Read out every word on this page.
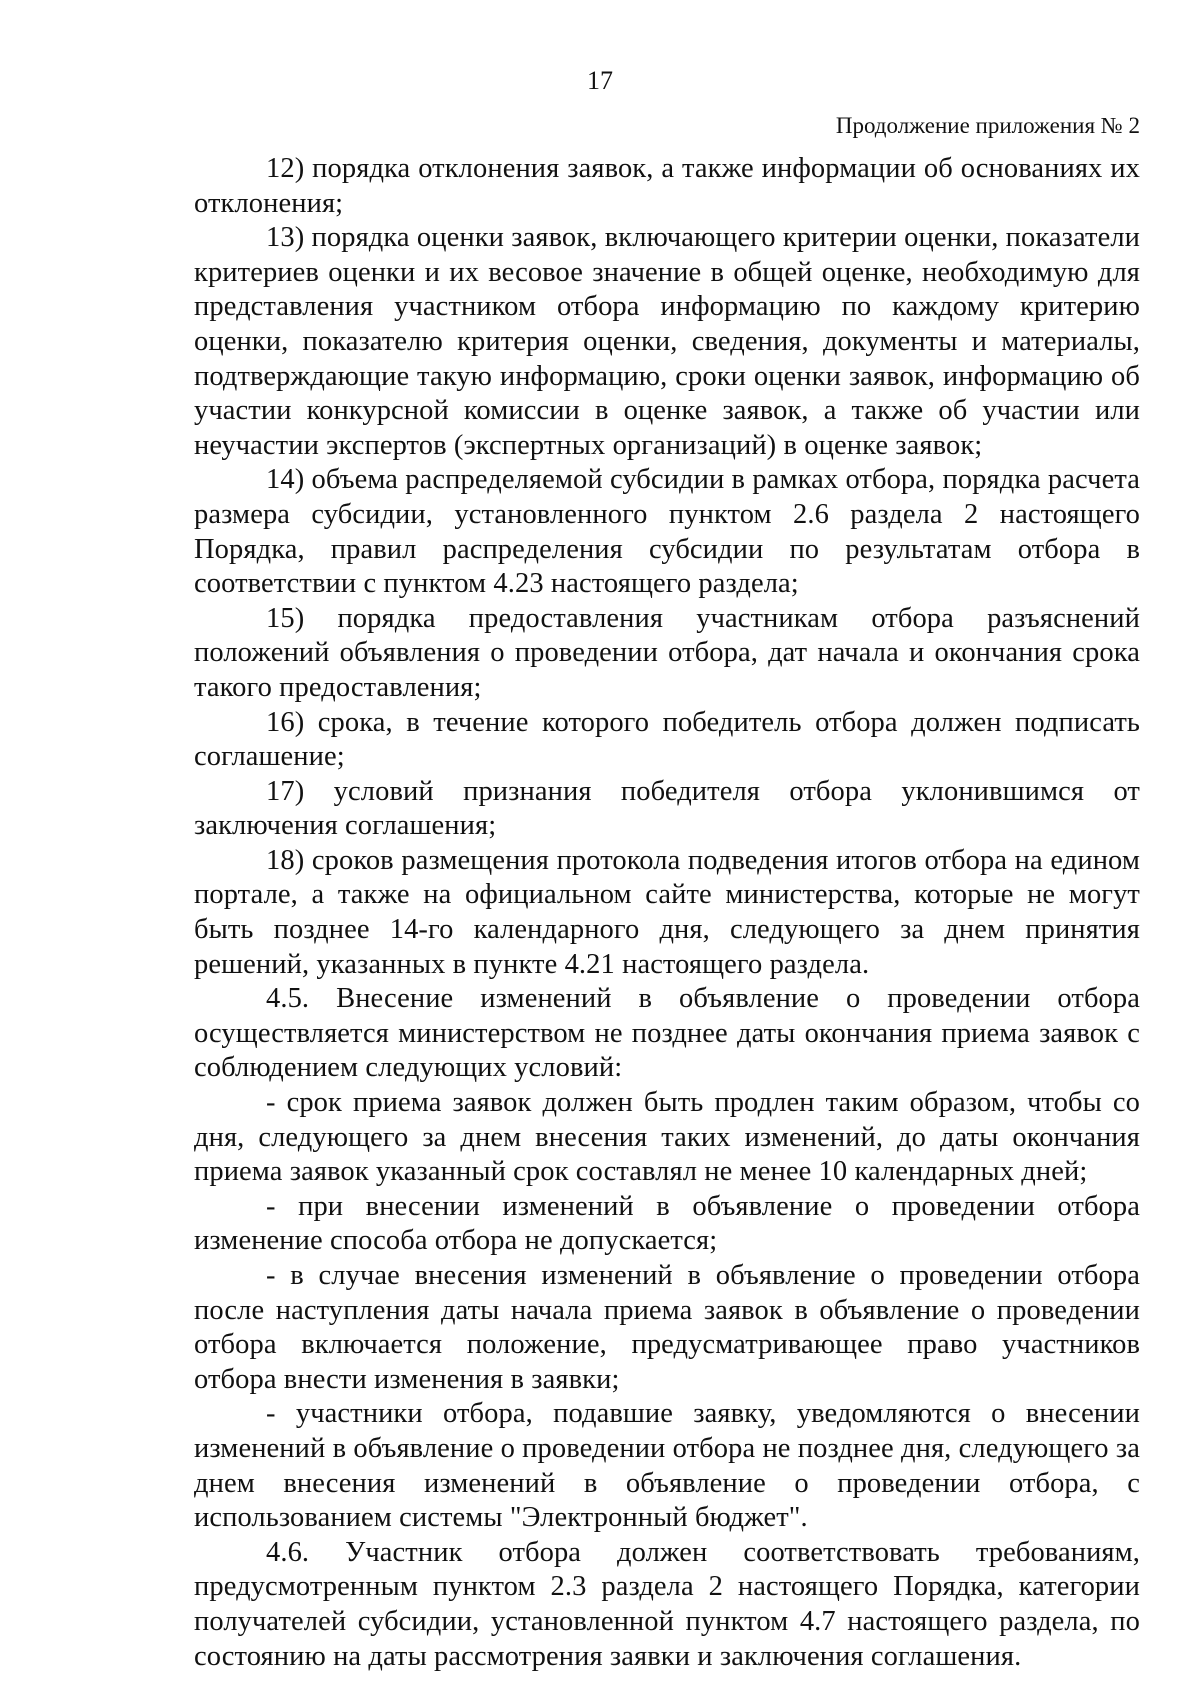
17
Продолжение приложения № 2

12) порядка отклонения заявок, а также информации об основаниях их отклонения;

13) порядка оценки заявок, включающего критерии оценки, показатели критериев оценки и их весовое значение в общей оценке, необходимую для представления участником отбора информацию по каждому критерию оценки, показателю критерия оценки, сведения, документы и материалы, подтверждающие такую информацию, сроки оценки заявок, информацию об участии конкурсной комиссии в оценке заявок, а также об участии или неучастии экспертов (экспертных организаций) в оценке заявок;

14) объема распределяемой субсидии в рамках отбора, порядка расчета размера субсидии, установленного пунктом 2.6 раздела 2 настоящего Порядка, правил распределения субсидии по результатам отбора в соответствии с пунктом 4.23 настоящего раздела;

15) порядка предоставления участникам отбора разъяснений положений объявления о проведении отбора, дат начала и окончания срока такого предоставления;

16) срока, в течение которого победитель отбора должен подписать соглашение;

17) условий признания победителя отбора уклонившимся от заключения соглашения;

18) сроков размещения протокола подведения итогов отбора на едином портале, а также на официальном сайте министерства, которые не могут быть позднее 14-го календарного дня, следующего за днем принятия решений, указанных в пункте 4.21 настоящего раздела.

4.5. Внесение изменений в объявление о проведении отбора осуществляется министерством не позднее даты окончания приема заявок с соблюдением следующих условий:

- срок приема заявок должен быть продлен таким образом, чтобы со дня, следующего за днем внесения таких изменений, до даты окончания приема заявок указанный срок составлял не менее 10 календарных дней;

- при внесении изменений в объявление о проведении отбора изменение способа отбора не допускается;

- в случае внесения изменений в объявление о проведении отбора после наступления даты начала приема заявок в объявление о проведении отбора включается положение, предусматривающее право участников отбора внести изменения в заявки;

- участники отбора, подавшие заявку, уведомляются о внесении изменений в объявление о проведении отбора не позднее дня, следующего за днем внесения изменений в объявление о проведении отбора, с использованием системы "Электронный бюджет".

4.6. Участник отбора должен соответствовать требованиям, предусмотренным пунктом 2.3 раздела 2 настоящего Порядка, категории получателей субсидии, установленной пунктом 4.7 настоящего раздела, по состоянию на даты рассмотрения заявки и заключения соглашения.
